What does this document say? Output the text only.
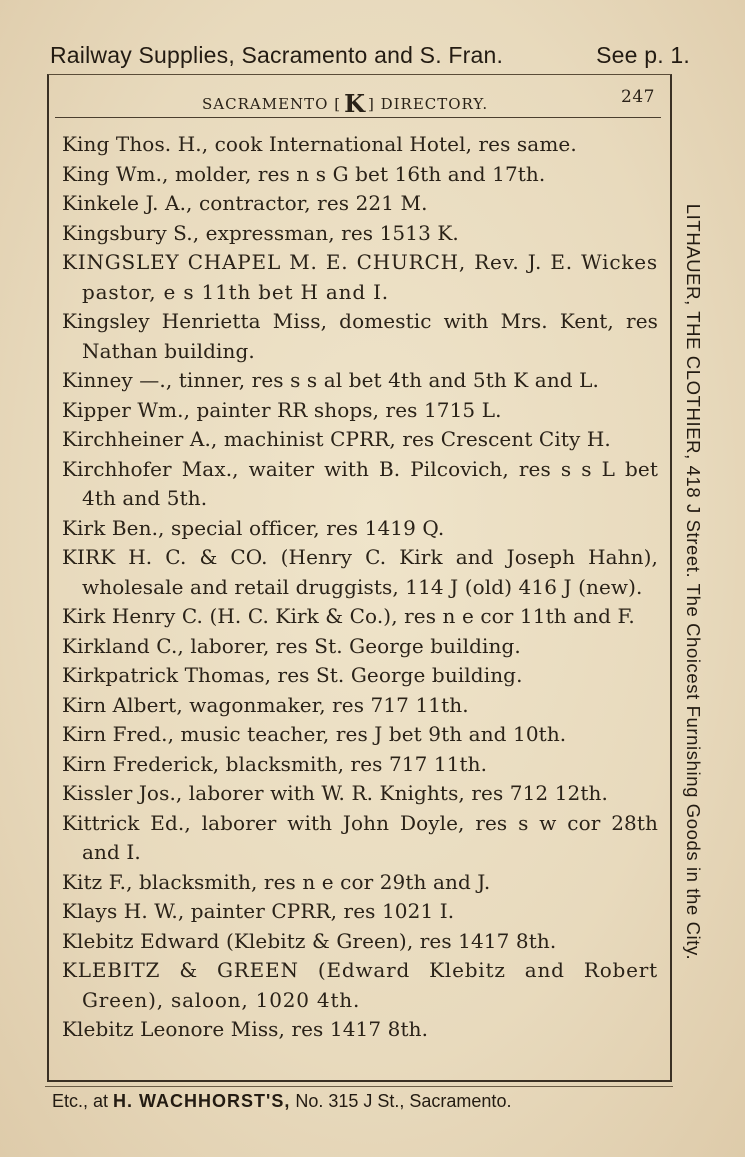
Railway Supplies, Sacramento and S. Fran.	See p. 1.
SACRAMENTO [ K ] DIRECTORY.	247
King Thos. H., cook International Hotel, res same.
King Wm., molder, res n s G bet 16th and 17th.
Kinkele J. A., contractor, res 221 M.
Kingsbury S., expressman, res 1513 K.
KINGSLEY CHAPEL M. E. CHURCH, Rev. J. E. Wickes pastor, e s 11th bet H and I.
Kingsley Henrietta Miss, domestic with Mrs. Kent, res Nathan building.
Kinney —., tinner, res s s al bet 4th and 5th K and L.
Kipper Wm., painter RR shops, res 1715 L.
Kirchheiner A., machinist CPRR, res Crescent City H.
Kirchhofer Max., waiter with B. Pilcovich, res s s L bet 4th and 5th.
Kirk Ben., special officer, res 1419 Q.
KIRK H. C. & CO. (Henry C. Kirk and Joseph Hahn), wholesale and retail druggists, 114 J (old) 416 J (new).
Kirk Henry C. (H. C. Kirk & Co.), res n e cor 11th and F.
Kirkland C., laborer, res St. George building.
Kirkpatrick Thomas, res St. George building.
Kirn Albert, wagonmaker, res 717 11th.
Kirn Fred., music teacher, res J bet 9th and 10th.
Kirn Frederick, blacksmith, res 717 11th.
Kissler Jos., laborer with W. R. Knights, res 712 12th.
Kittrick Ed., laborer with John Doyle, res s w cor 28th and I.
Kitz F., blacksmith, res n e cor 29th and J.
Klays H. W., painter CPRR, res 1021 I.
Klebitz Edward (Klebitz & Green), res 1417 8th.
KLEBITZ & GREEN (Edward Klebitz and Robert Green), saloon, 1020 4th.
Klebitz Leonore Miss, res 1417 8th.
LITHAUER, THE CLOTHIER, 418 J Street. The Choicest Furnishing Goods in the City.
Etc., at H. WACHHORST'S, No. 315 J St., Sacramento.
